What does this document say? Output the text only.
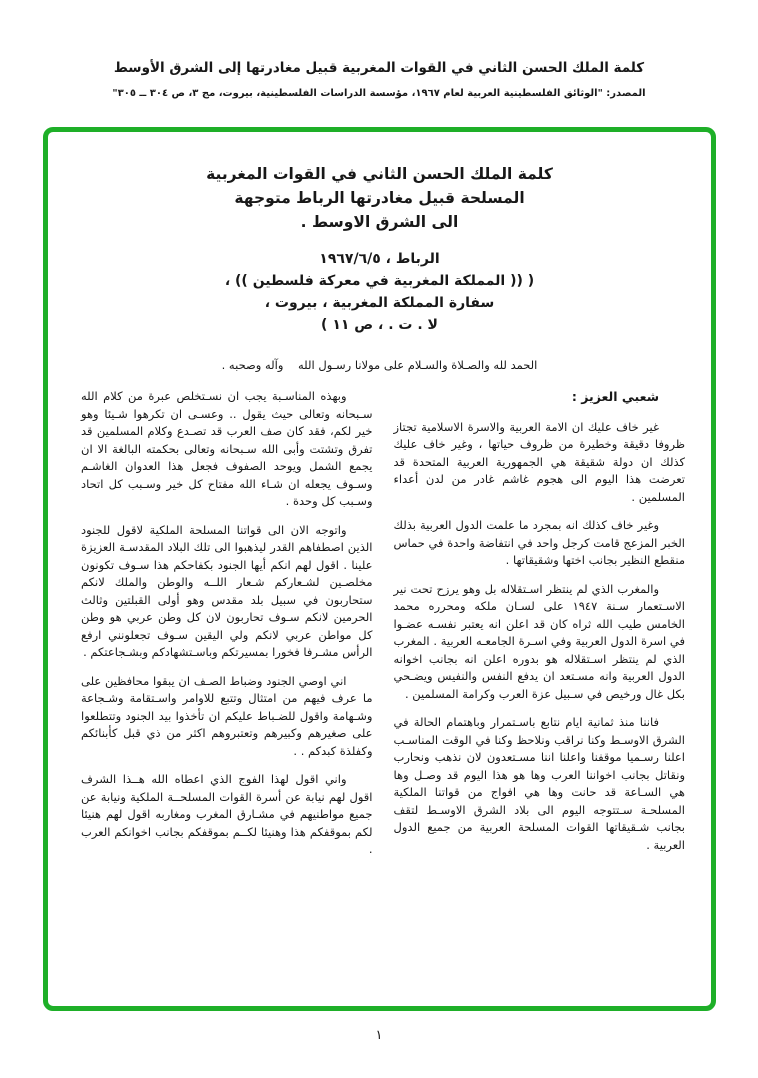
كلمة الملك الحسن الثاني في القوات المغربية قبيل مغادرتها إلى الشرق الأوسط
المصدر: "الوثائق الفلسطينية العربية لعام ١٩٦٧، مؤسسة الدراسات الفلسطينية، بيروت، مج ٣، ص ٣٠٤ ــ ٣٠٥"
كلمة الملك الحسن الثاني في القوات المغربية
المسلحة قبيل مغادرتها الرباط متوجهة
الى الشرق الاوسط .
الرباط ، ١٩٦٧/٦/٥
( (( المملكة المغربية في معركة فلسطين )) ،
سفارة المملكة المغربية ، بيروت ،
لا . ت . ، ص ١١ )
الحمد لله والصـلاة والسـلام على مولانا رسـول الله    وآله وصحبه .
شعبي العزيز :

غير خاف عليك ان الامة العربية والاسرة الاسلامية تجتاز ظروفا دقيقة وخطيرة من ظروف حياتها ، وغير خاف عليك كذلك ان دولة شقيقة هي الجمهورية العربية المتحدة قد تعرضت هذا اليوم الى هجوم غاشم غادر من لدن أعداء المسلمين .

وغير خاف كذلك انه بمجرد ما علمت الدول العربية بذلك الخبر المزعج قامت كرجل واحد في انتفاضة واحدة في حماس منقطع النظير بجانب اختها وشقيقاتها .

والمغرب الذي لم ينتظر اسـتقلاله بل وهو يرزح تحت نير الاسـتعمار سـنة ١٩٤٧ على لسـان ملكه ومحرره محمد الخامس طيب الله ثراه كان قد اعلن انه يعتبر نفسـه عضـوا في اسرة الدول العربية وفي اسـرة الجامعـه العربية . المغرب الذي لم ينتظر اسـتقلاله هو بدوره اعلن انه بجانب اخوانه الدول العربية وانه مسـتعد ان يدفع النفس والنفيس ويضـحي بكل غال ورخيص في سـبيل عزة العرب وكرامة المسلمين .

فاننا منذ ثمانية ايام نتابع باسـتمرار وباهتمام الحالة في الشرق الاوسـط وكنا نراقب ونلاحظ وكنا في الوقت المناسـب اعلنا رسـميا موقفنا واعلنا اننا مسـتعدون لان نذهب ونحارب ونقاتل بجانب اخواننا العرب وها هو هذا اليوم قد وصـل وها هي السـاعة قد حانت وها هي افواج من قواتنا الملكية المسلحـة سـتتوجه اليوم الى بلاد الشرق الاوسـط لتقف بجانب شـقيقاتها القوات المسلحة العربية من جميع الدول العربية .

وبهذه المناسـبة يجب ان نسـتخلص عبرة من كلام الله سـبحانه وتعالى حيث يقول .. وعسـى ان تكرهوا شـيئا وهو خير لكم، فقد كان صف العرب قد تصـدع وكلام المسلمين قد تفرق وتشتت وأبى الله سـبحانه وتعالى بحكمته البالغة الا ان يجمع الشمل ويوحد الصفوف فجعل هذا العدوان الغاشـم وسـوف يجعله ان شـاء الله مفتاح كل خير وسـبب كل اتحاد وسـبب كل وحدة .

واتوجه الان الى قواتنا المسلحة الملكية لاقول للجنود الذين اصطفاهم القدر ليذهبوا الى تلك البلاد المقدسـة العزيزة علينا . اقول لهم انكم أيها الجنود بكفاحكم هذا سـوف تكونون مخلصـين لشـعاركم شـعار اللــه والوطن والملك لانكم ستحاربون في سبيل بلد مقدس وهو أولى القبلتين وثالث الحرمين لانكم سـوف تحاربون لان كل وطن عربي هو وطن كل مواطن عربي لانكم ولي اليقين سـوف تجعلونني ارفع الرأس مشـرفا فخورا بمسيرتكم وباسـتشهادكم وبشـجاعتكم .

اني اوصي الجنود وضباط الصـف ان يبقوا محافظين على ما عرف فيهم من امتثال وتتبع للاوامر واسـتقامة وشـجاعة وشـهامة واقول للضـباط عليكم ان تأخذوا بيد الجنود وتتطلعوا على صغيرهم وكبيرهم وتعتبروهم اكثر من ذي قبل كأبنائكم وكفلذة كبدكم . .

واني اقول لهذا الفوج الذي اعطاه الله هــذا الشرف اقول لهم نيابة عن أسرة القوات المسلحــة الملكية ونيابة عن جميع مواطنيهم في مشـارق المغرب ومغاربه اقول لهم هنيئا لكم بموقفكم هذا وهنيئا لكــم بموقفكم بجانب اخوانكم العرب .

١
